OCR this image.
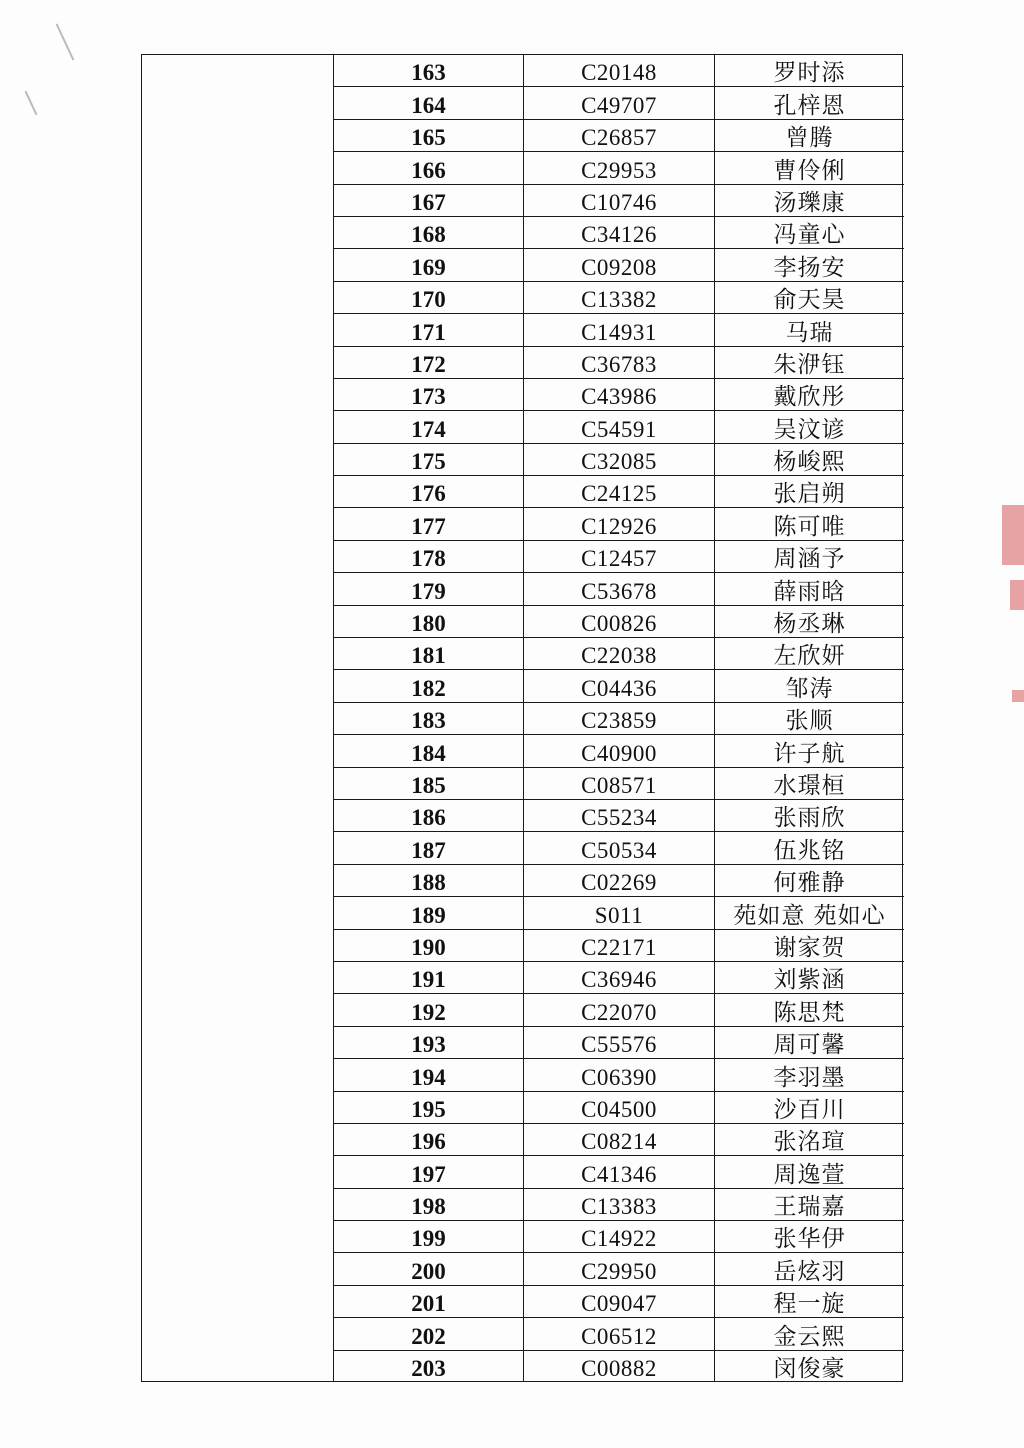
163	C20148	罗时添
164	C49707	孔梓恩
165	C26857	曾腾
166	C29953	曹伶俐
167	C10746	汤瓅康
168	C34126	冯童心
169	C09208	李扬安
170	C13382	俞天昊
171	C14931	马瑞
172	C36783	朱洢钰
173	C43986	戴欣彤
174	C54591	吴汶谚
175	C32085	杨峻熙
176	C24125	张启朔
177	C12926	陈可唯
178	C12457	周涵予
179	C53678	薛雨晗
180	C00826	杨丞琳
181	C22038	左欣妍
182	C04436	邹涛
183	C23859	张顺
184	C40900	许子航
185	C08571	水璟桓
186	C55234	张雨欣
187	C50534	伍兆铭
188	C02269	何雅静
189	S011	苑如意 苑如心
190	C22171	谢家贺
191	C36946	刘紫涵
192	C22070	陈思梵
193	C55576	周可馨
194	C06390	李羽墨
195	C04500	沙百川
196	C08214	张洺瑄
197	C41346	周逸萱
198	C13383	王瑞嘉
199	C14922	张华伊
200	C29950	岳炫羽
201	C09047	程一旋
202	C06512	金云熙
203	C00882	闵俊豪
